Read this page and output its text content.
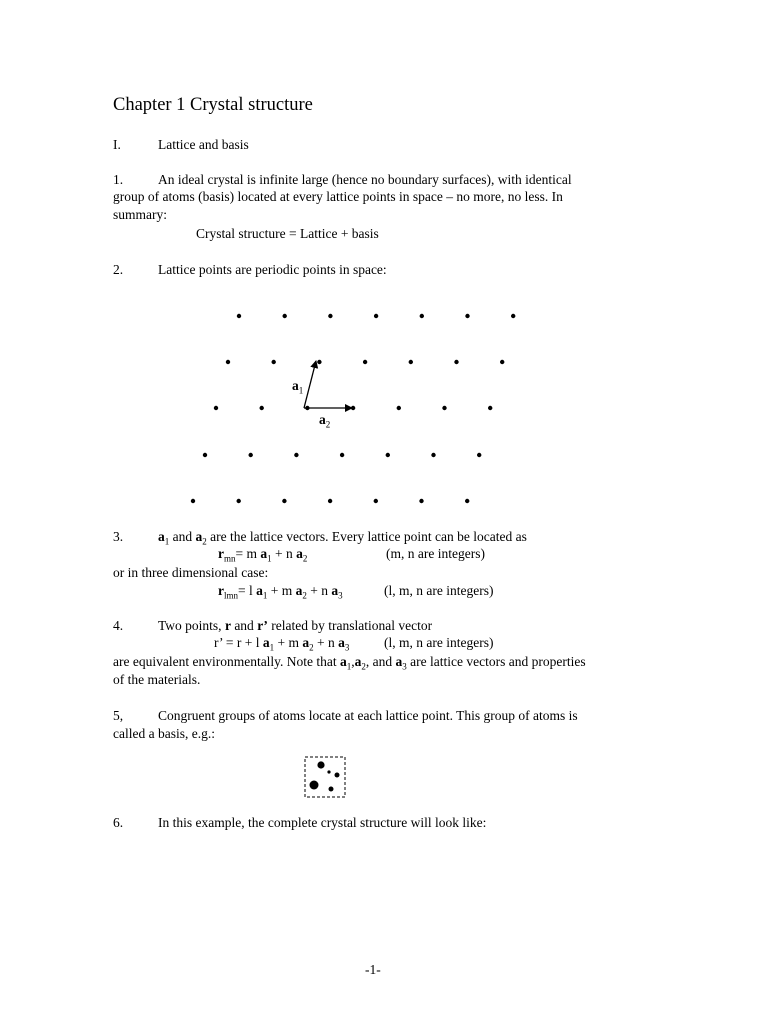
Chapter 1 Crystal structure
I.	Lattice and basis
1.	An ideal crystal is infinite large (hence no boundary surfaces), with identical
group of atoms (basis) located at every lattice points in space – no more, no less. In
summary:
Crystal structure = Lattice + basis
2.	Lattice points are periodic points in space:
$a_1$
$a_2$
3.	$a_1$ and $a_2$ are the lattice vectors. Every lattice point can be located as
$r_{mn}= m$ $a_1 + n$ $a_2$	(m, n are integers)
or in three dimensional case:
$r_{lmn}= l$ $a_1 + m$ $a_2 + n$ $a_3$	(l, m, n are integers)
4.	Two points, r and r’ related by translational vector
r’ = r + l $a_1 + m$ $a_2 + n$ $a_3$	(l, m, n are integers)
are equivalent environmentally. Note that $a_1,a_2$, and $a_3$ are lattice vectors and properties
of the materials.
5,	Congruent groups of atoms locate at each lattice point. This group of atoms is
called a basis, e.g.:
6.	In this example, the complete crystal structure will look like:
-1-
